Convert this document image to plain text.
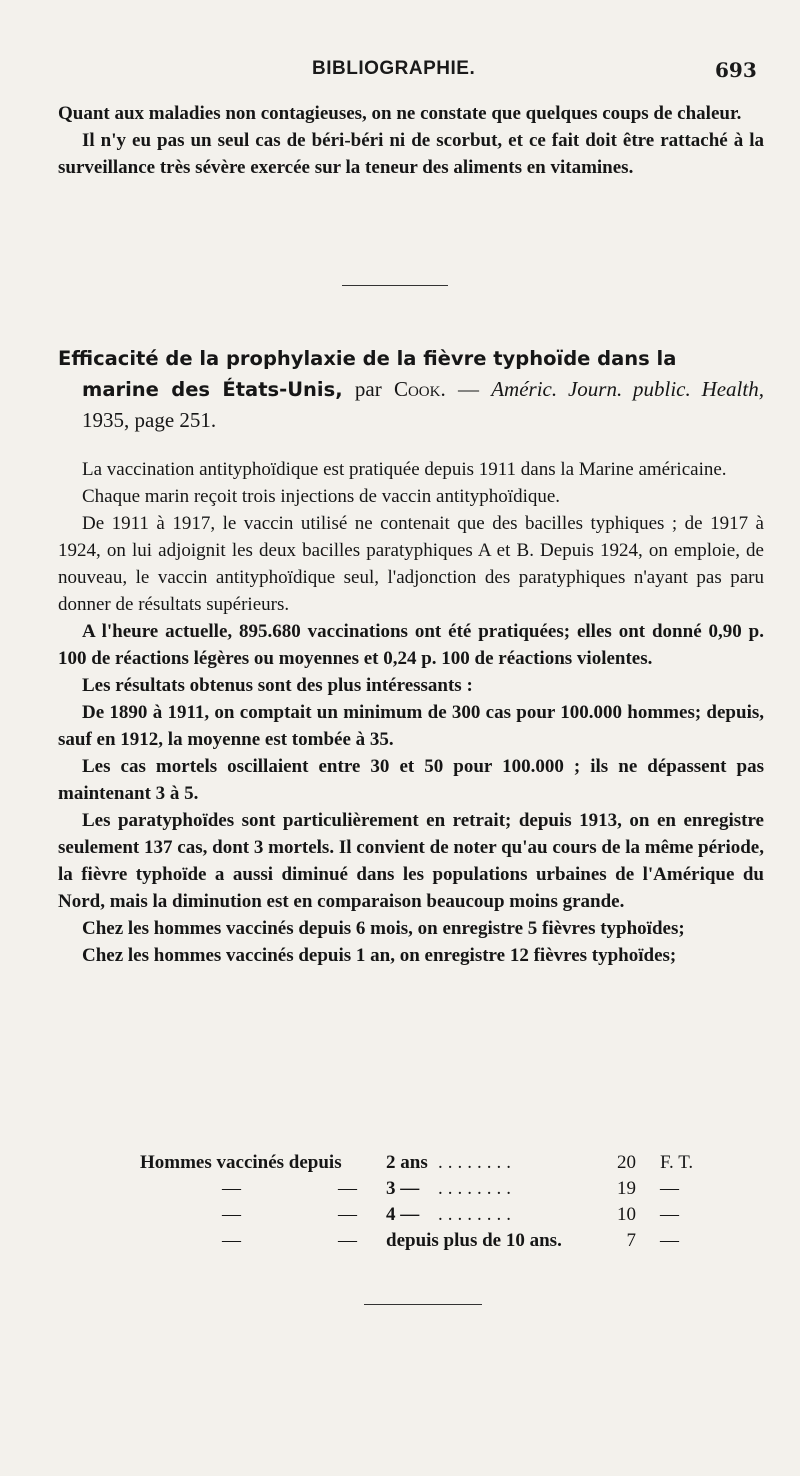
BIBLIOGRAPHIE.	693

Quant aux maladies non contagieuses, on ne constate que quelques coups de chaleur.

Il n'y eu pas un seul cas de béri-béri ni de scorbut, et ce fait doit être rattaché à la surveillance très sévère exercée sur la teneur des aliments en vitamines.

Efficacité de la prophylaxie de la fièvre typhoïde dans la
marine des États-Unis, par Cook. — Améric. Journ. public. Health, 1935, page 251.

La vaccination antityphoïdique est pratiquée depuis 1911 dans la Marine américaine.

Chaque marin reçoit trois injections de vaccin antityphoïdique.

De 1911 à 1917, le vaccin utilisé ne contenait que des bacilles typhiques ; de 1917 à 1924, on lui adjoignit les deux bacilles paratyphiques A et B. Depuis 1924, on emploie, de nouveau, le vaccin antityphoïdique seul, l'adjonction des paratyphiques n'ayant pas paru donner de résultats supérieurs.

A l'heure actuelle, 895.680 vaccinations ont été pratiquées; elles ont donné 0,90 p. 100 de réactions légères ou moyennes et 0,24 p. 100 de réactions violentes.

Les résultats obtenus sont des plus intéressants :

De 1890 à 1911, on comptait un minimum de 300 cas pour 100.000 hommes; depuis, sauf en 1912, la moyenne est tombée à 35.

Les cas mortels oscillaient entre 30 et 50 pour 100.000 ; ils ne dépassent pas maintenant 3 à 5.

Les paratyphoïdes sont particulièrement en retrait; depuis 1913, on en enregistre seulement 137 cas, dont 3 mortels. Il convient de noter qu'au cours de la même période, la fièvre typhoïde a aussi diminué dans les populations urbaines de l'Amérique du Nord, mais la diminution est en comparaison beaucoup moins grande.

Chez les hommes vaccinés depuis 6 mois, on enregistre 5 fièvres typhoïdes;

Chez les hommes vaccinés depuis 1 an, on enregistre 12 fièvres typhoïdes;

Hommes vaccinés depuis 2 ans ........	20 F. T.
—	— 3 — ........	19 —
—	— 4 — ........	10 —
—	— depuis plus de 10 ans.	7 —
